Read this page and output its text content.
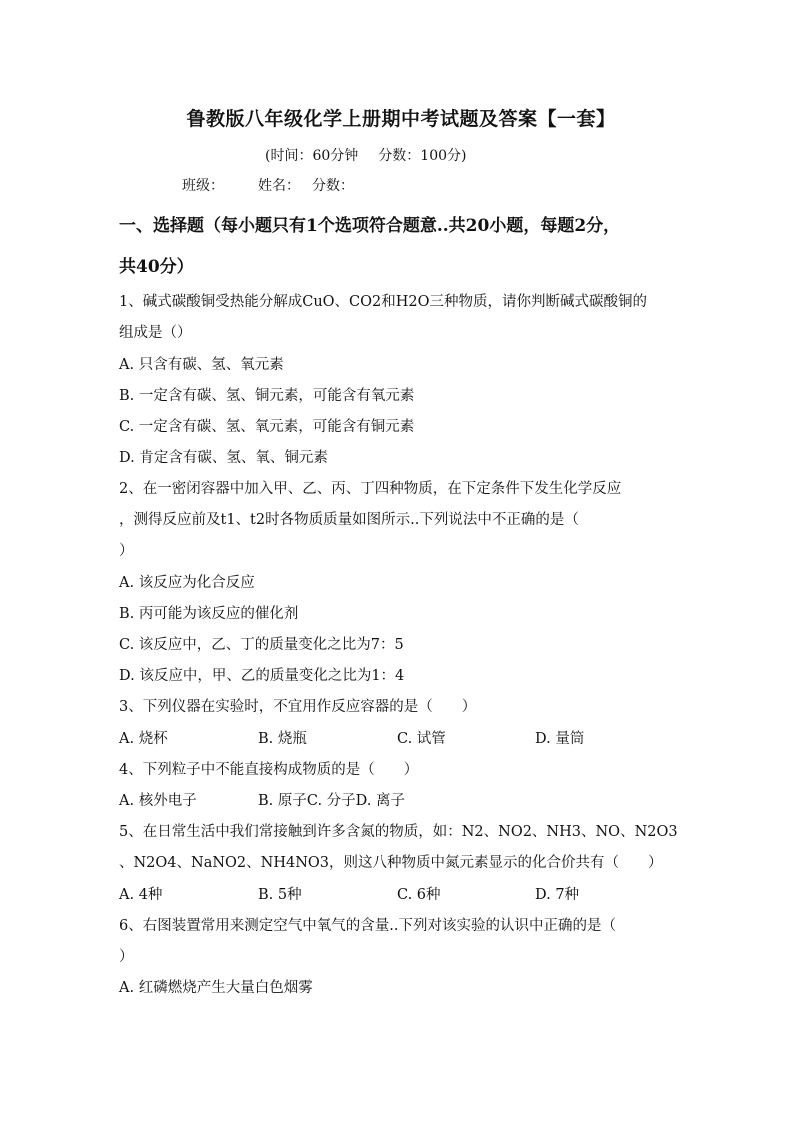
鲁教版八年级化学上册期中考试题及答案【一套】
(时间：60分钟 分数：100分)
班级： 姓名： 分数：
一、选择题（每小题只有1个选项符合题意..共20小题，每题2分，
共40分）
1、碱式碳酸铜受热能分解成CuO、CO2和H2O三种物质，请你判断碱式碳酸铜的
组成是（）
A. 只含有碳、氢、氧元素
B. 一定含有碳、氢、铜元素，可能含有氧元素
C. 一定含有碳、氢、氧元素，可能含有铜元素
D. 肯定含有碳、氢、氧、铜元素
2、在一密闭容器中加入甲、乙、丙、丁四种物质，在下定条件下发生化学反应
，测得反应前及t1、t2时各物质质量如图所示..下列说法中不正确的是（
）
A. 该反应为化合反应
B. 丙可能为该反应的催化剂
C. 该反应中，乙、丁的质量变化之比为7：5
D. 该反应中，甲、乙的质量变化之比为1：4
3、下列仪器在实验时，不宜用作反应容器的是（　　）
A. 烧杯	B. 烧瓶	C. 试管	D. 量筒
4、下列粒子中不能直接构成物质的是（　　）
A. 核外电子	B. 原子C. 分子D. 离子
5、在日常生活中我们常接触到许多含氮的物质，如：N2、NO2、NH3、NO、N2O3
、N2O4、NaNO2、NH4NO3，则这八种物质中氮元素显示的化合价共有（　　）
A. 4种	B. 5种	C. 6种	D. 7种
6、右图装置常用来测定空气中氧气的含量..下列对该实验的认识中正确的是（
）
A. 红磷燃烧产生大量白色烟雾
